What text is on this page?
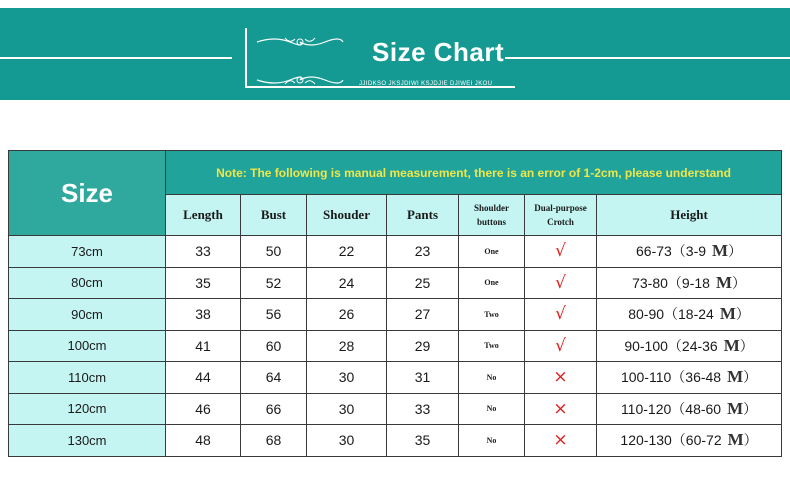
Size Chart
JJIDKSO JKSJDIWI KSJDJIE DJIWEI JKOU
Size	Note: The following is manual measurement, there is an error of 1-2cm, please understand						
	Length	Bust	Shouder	Pants	Shoulder
buttons	Dual-purpose
Crotch	Height
73cm	33	50	22	23	One	√	66-73（3-9 M）
80cm	35	52	24	25	One	√	73-80（9-18 M）
90cm	38	56	26	27	Two	√	80-90（18-24 M）
100cm	41	60	28	29	Two	√	90-100（24-36 M）
110cm	44	64	30	31	No	×	100-110（36-48 M）
120cm	46	66	30	33	No	×	110-120（48-60 M）
130cm	48	68	30	35	No	×	120-130（60-72 M）
